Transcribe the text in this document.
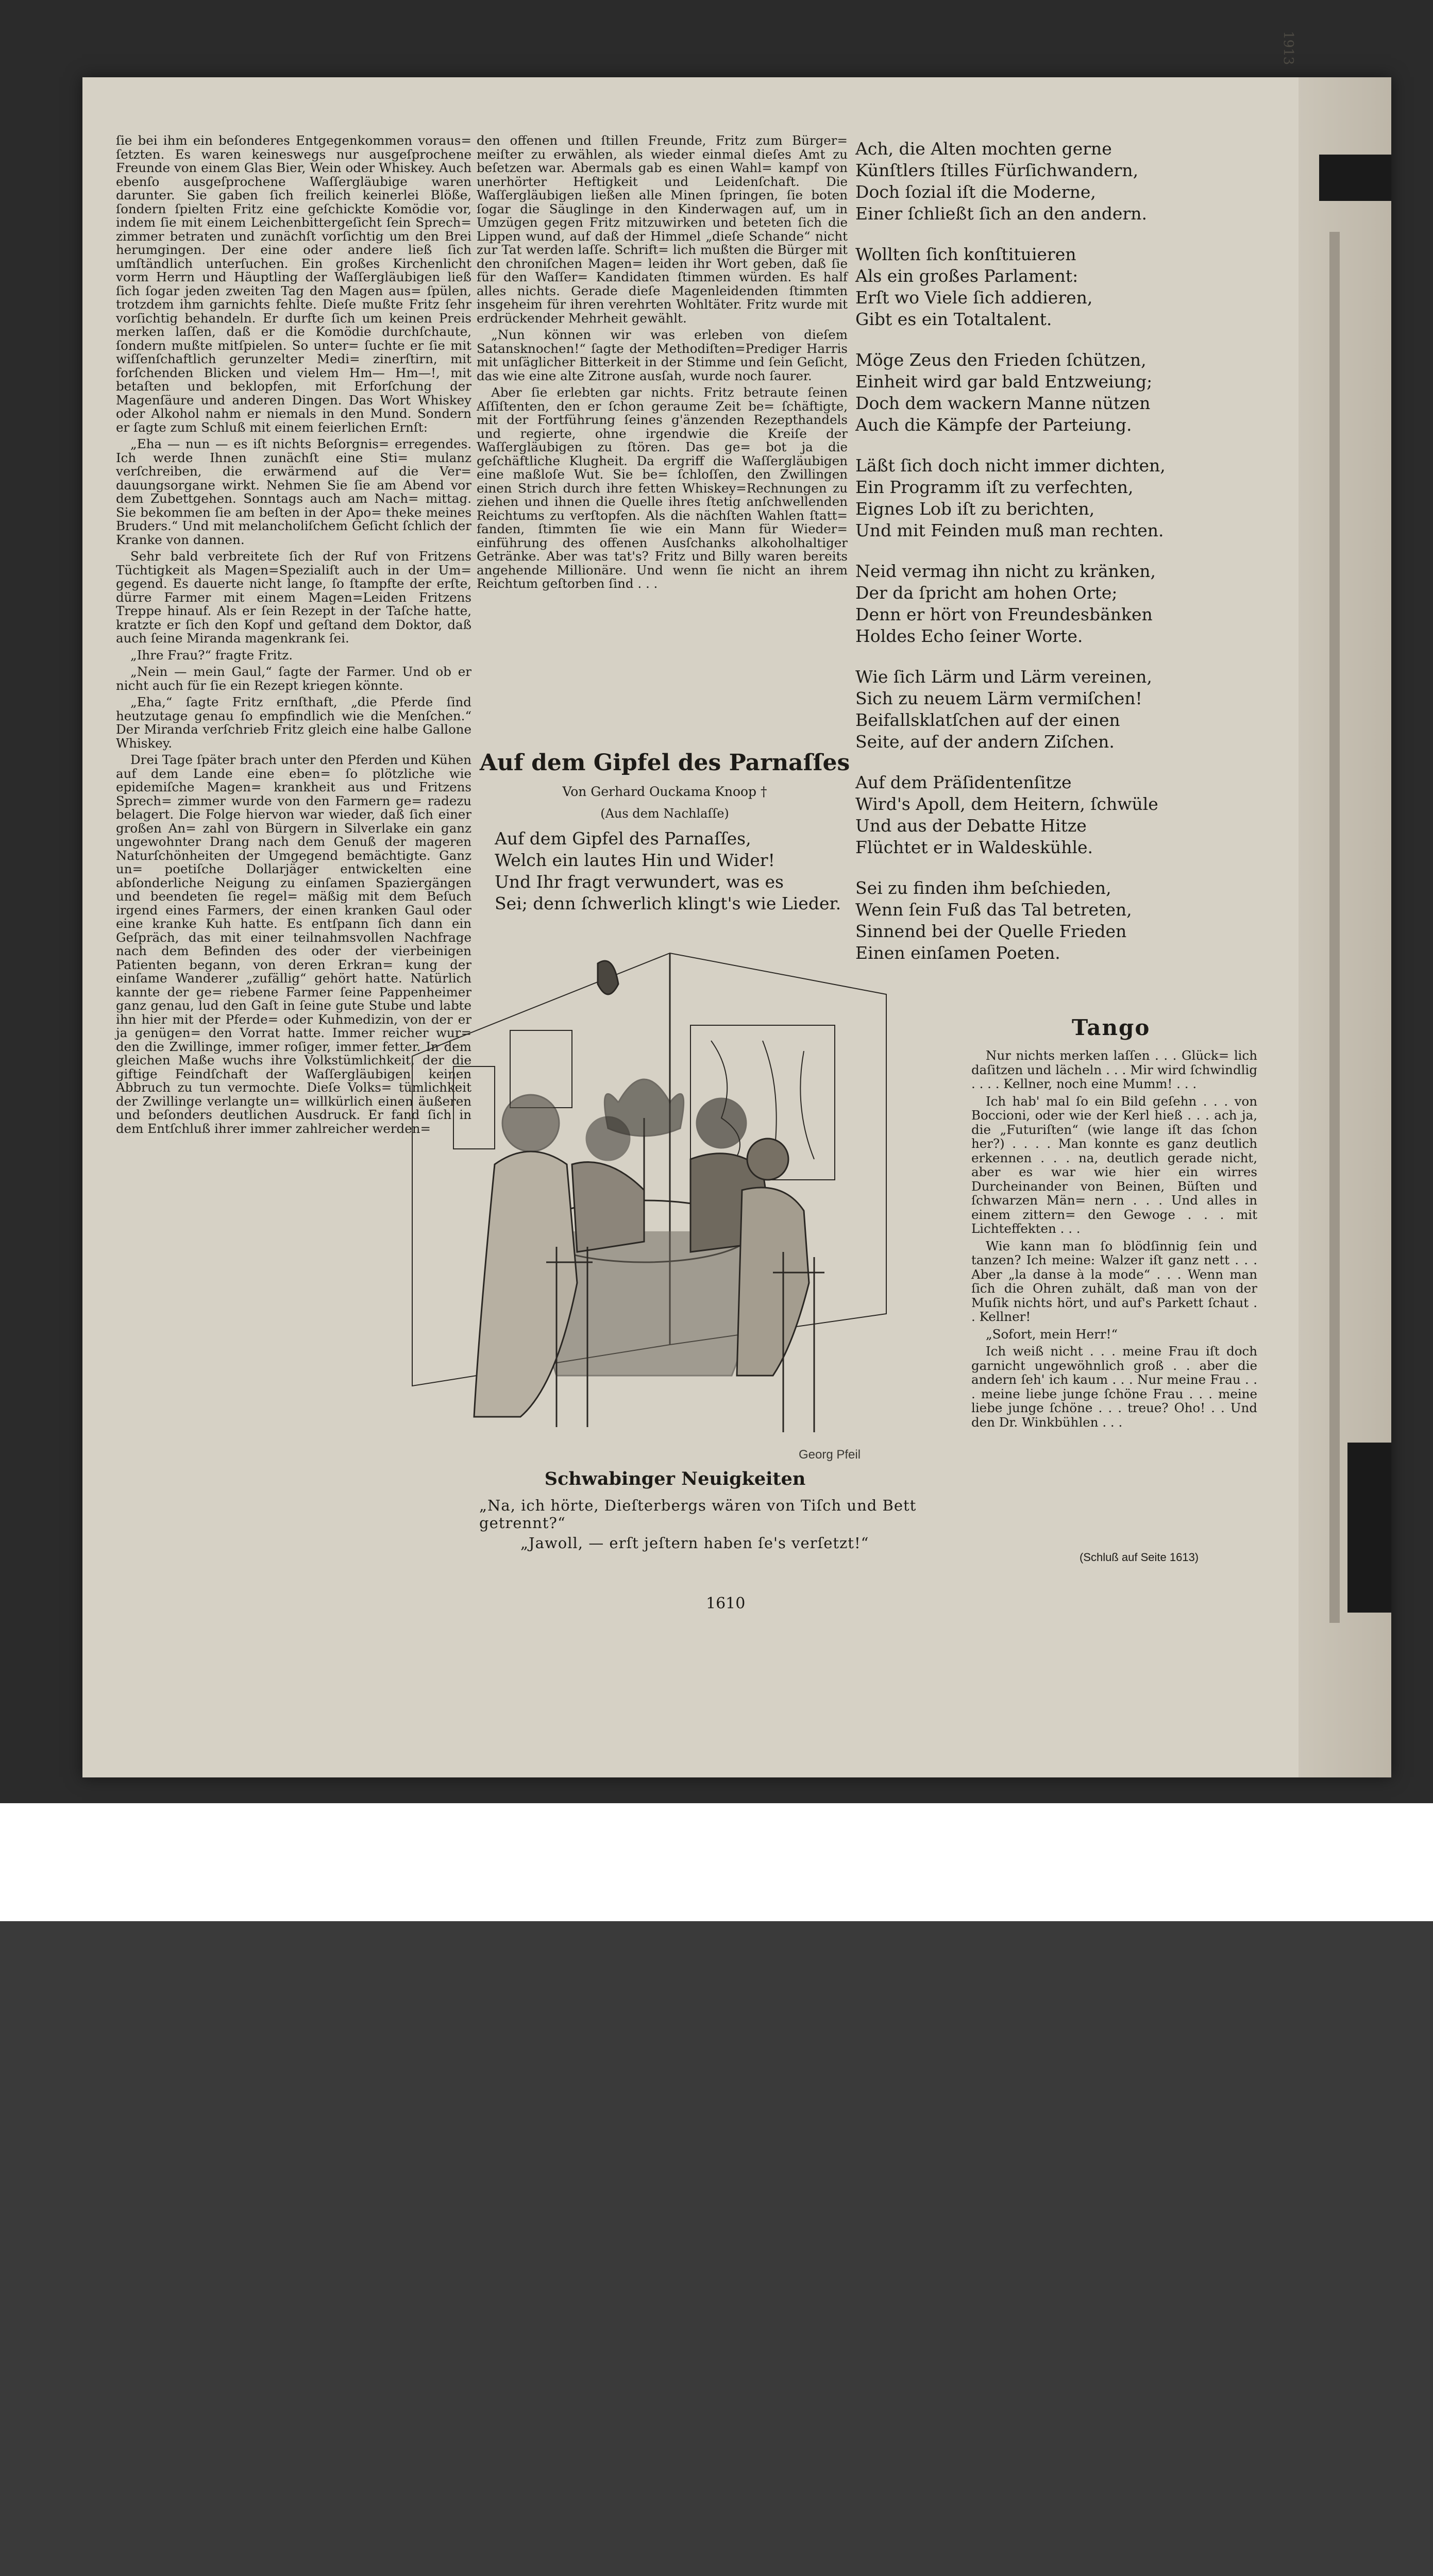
1913

ſie bei ihm ein beſonderes Entgegenkommen voraus= ſetzten. Es waren keineswegs nur ausgeſprochene Freunde von einem Glas Bier, Wein oder Whiskey. Auch ebenſo ausgeſprochene Waſſergläubige waren darunter. Sie gaben ſich freilich keinerlei Blöße, ſondern ſpielten Fritz eine geſchickte Komödie vor, indem ſie mit einem Leichenbittergeſicht ſein Sprech= zimmer betraten und zunächſt vorſichtig um den Brei herumgingen. Der eine oder andere ließ ſich umſtändlich unterſuchen. Ein großes Kirchenlicht vorm Herrn und Häuptling der Waſſergläubigen ließ ſich ſogar jeden zweiten Tag den Magen aus= ſpülen, trotzdem ihm garnichts fehlte. Dieſe mußte Fritz ſehr vorſichtig behandeln. Er durfte ſich um keinen Preis merken laſſen, daß er die Komödie durchſchaute, ſondern mußte mitſpielen. So unter= ſuchte er ſie mit wiſſenſchaftlich gerunzelter Medi= zinerſtirn, mit forſchenden Blicken und vielem Hm— Hm—!, mit betaſten und beklopfen, mit Erforſchung der Magenſäure und anderen Dingen. Das Wort Whiskey oder Alkohol nahm er niemals in den Mund. Sondern er ſagte zum Schluß mit einem feierlichen Ernſt:

„Eha — nun — es iſt nichts Beſorgnis= erregendes. Ich werde Ihnen zunächſt eine Sti= mulanz verſchreiben, die erwärmend auf die Ver= dauungsorgane wirkt. Nehmen Sie ſie am Abend vor dem Zubettgehen. Sonntags auch am Nach= mittag. Sie bekommen ſie am beſten in der Apo= theke meines Bruders.“ Und mit melancholiſchem Geſicht ſchlich der Kranke von dannen.

Sehr bald verbreitete ſich der Ruf von Fritzens Tüchtigkeit als Magen=Spezialiſt auch in der Um= gegend. Es dauerte nicht lange, ſo ſtampfte der erſte, dürre Farmer mit einem Magen=Leiden Fritzens Treppe hinauf. Als er ſein Rezept in der Taſche hatte, kratzte er ſich den Kopf und geſtand dem Doktor, daß auch ſeine Miranda magenkrank ſei.

„Ihre Frau?“ fragte Fritz.

„Nein — mein Gaul,“ ſagte der Farmer. Und ob er nicht auch für ſie ein Rezept kriegen könnte.

„Eha,“ ſagte Fritz ernſthaft, „die Pferde ſind heutzutage genau ſo empfindlich wie die Menſchen.“ Der Miranda verſchrieb Fritz gleich eine halbe Gallone Whiskey.

Drei Tage ſpäter brach unter den Pferden und Kühen auf dem Lande eine eben= ſo plötzliche wie epidemiſche Magen= krankheit aus und Fritzens Sprech= zimmer wurde von den Farmern ge= radezu belagert. Die Folge hiervon war wieder, daß ſich einer großen An= zahl von Bürgern in Silverlake ein ganz ungewohnter Drang nach dem Genuß der mageren Naturſchönheiten der Umgegend bemächtigte. Ganz un= poetiſche Dollarjäger entwickelten eine abſonderliche Neigung zu einſamen Spaziergängen und beendeten ſie regel= mäßig mit dem Beſuch irgend eines Farmers, der einen kranken Gaul oder eine kranke Kuh hatte. Es entſpann ſich dann ein Geſpräch, das mit einer teilnahmsvollen Nachfrage nach dem Befinden des oder der vierbeinigen Patienten begann, von deren Erkran= kung der einſame Wanderer „zufällig“ gehört hatte. Natürlich kannte der ge= riebene Farmer ſeine Pappenheimer ganz genau, lud den Gaſt in ſeine gute Stube und labte ihn hier mit der Pferde= oder Kuhmedizin, von der er ja genügen= den Vorrat hatte. Immer reicher wur= den die Zwillinge, immer roſiger, immer fetter. In dem gleichen Maße wuchs ihre Volkstümlichkeit, der die giftige Feindſchaft der Waſſergläubigen keinen Abbruch zu tun vermochte. Dieſe Volks= tümlichkeit der Zwillinge verlangte un= willkürlich einen äußeren und beſonders deutlichen Ausdruck. Er fand ſich in dem Entſchluß ihrer immer zahlreicher werden=

den offenen und ſtillen Freunde, Fritz zum Bürger= meiſter zu erwählen, als wieder einmal dieſes Amt zu beſetzen war. Abermals gab es einen Wahl= kampf von unerhörter Heftigkeit und Leidenſchaft. Die Waſſergläubigen ließen alle Minen ſpringen, ſie boten ſogar die Säuglinge in den Kinderwagen auf, um in Umzügen gegen Fritz mitzuwirken und beteten ſich die Lippen wund, auf daß der Himmel „dieſe Schande“ nicht zur Tat werden laſſe. Schrift= lich mußten die Bürger mit den chroniſchen Magen= leiden ihr Wort geben, daß ſie für den Waſſer= Kandidaten ſtimmen würden. Es half alles nichts. Gerade dieſe Magenleidenden ſtimmten insgeheim für ihren verehrten Wohltäter. Fritz wurde mit erdrückender Mehrheit gewählt.

„Nun können wir was erleben von dieſem Satansknochen!“ ſagte der Methodiſten=Prediger Harris mit unſäglicher Bitterkeit in der Stimme und ſein Geſicht, das wie eine alte Zitrone ausſah, wurde noch ſaurer.

Aber ſie erlebten gar nichts. Fritz betraute ſeinen Aſſiſtenten, den er ſchon geraume Zeit be= ſchäftigte, mit der Fortführung ſeines g'änzenden Rezepthandels und regierte, ohne irgendwie die Kreiſe der Waſſergläubigen zu ſtören. Das ge= bot ja die geſchäftliche Klugheit. Da ergriff die Waſſergläubigen eine maßloſe Wut. Sie be= ſchloſſen, den Zwillingen einen Strich durch ihre fetten Whiskey=Rechnungen zu ziehen und ihnen die Quelle ihres ſtetig anſchwellenden Reichtums zu verſtopfen. Als die nächſten Wahlen ſtatt= fanden, ſtimmten ſie wie ein Mann für Wieder= einführung des offenen Ausſchanks alkoholhaltiger Getränke. Aber was tat's? Fritz und Billy waren bereits angehende Millionäre. Und wenn ſie nicht an ihrem Reichtum geſtorben ſind . . .

Auf dem Gipfel des Parnaſſes
Von Gerhard Ouckama Knoop †
(Aus dem Nachlaſſe)
Auf dem Gipfel des Parnaſſes,
Welch ein lautes Hin und Wider!
Und Ihr fragt verwundert, was es
Sei; denn ſchwerlich klingt's wie Lieder.

Ach, die Alten mochten gerne
Künſtlers ſtilles Fürſichwandern,
Doch ſozial iſt die Moderne,
Einer ſchließt ſich an den andern.

Wollten ſich konſtituieren
Als ein großes Parlament:
Erſt wo Viele ſich addieren,
Gibt es ein Totaltalent.

Möge Zeus den Frieden ſchützen,
Einheit wird gar bald Entzweiung;
Doch dem wackern Manne nützen
Auch die Kämpfe der Parteiung.

Läßt ſich doch nicht immer dichten,
Ein Programm iſt zu verfechten,
Eignes Lob iſt zu berichten,
Und mit Feinden muß man rechten.

Neid vermag ihn nicht zu kränken,
Der da ſpricht am hohen Orte;
Denn er hört von Freundesbänken
Holdes Echo ſeiner Worte.

Wie ſich Lärm und Lärm vereinen,
Sich zu neuem Lärm vermiſchen!
Beifallsklatſchen auf der einen
Seite, auf der andern Ziſchen.

Auf dem Präſidentenſitze
Wird's Apoll, dem Heitern, ſchwüle
Und aus der Debatte Hitze
Flüchtet er in Waldeskühle.

Sei zu finden ihm beſchieden,
Wenn ſein Fuß das Tal betreten,
Sinnend bei der Quelle Frieden
Einen einſamen Poeten.

Georg Pfeil
Schwabinger Neuigkeiten
„Na, ich hörte, Dieſterbergs wären von Tiſch und Bett getrennt?“
„Jawoll, — erſt jeſtern haben ſe's verſetzt!“
Tango

Nur nichts merken laſſen . . . Glück= lich daſitzen und lächeln . . . Mir wird ſchwindlig . . . . Kellner, noch eine Mumm! . . .

Ich hab' mal ſo ein Bild geſehn . . . von Boccioni, oder wie der Kerl hieß . . . ach ja, die „Futuriſten“ (wie lange iſt das ſchon her?) . . . . Man konnte es ganz deutlich erkennen . . . na, deutlich gerade nicht, aber es war wie hier ein wirres Durcheinander von Beinen, Büſten und ſchwarzen Män= nern . . . Und alles in einem zittern= den Gewoge . . . mit Lichteffekten . . .

Wie kann man ſo blödſinnig ſein und tanzen? Ich meine: Walzer iſt ganz nett . . . Aber „la danse à la mode“ . . . Wenn man ſich die Ohren zuhält, daß man von der Muſik nichts hört, und auf's Parkett ſchaut . . Kellner!

„Sofort, mein Herr!“

Ich weiß nicht . . . meine Frau iſt doch garnicht ungewöhnlich groß . . aber die andern ſeh' ich kaum . . . Nur meine Frau . . . meine liebe junge ſchöne Frau . . . meine liebe junge ſchöne . . . treue? Oho! . . Und den Dr. Winkbühlen . . .

(Schluß auf Seite 1613)
1610
